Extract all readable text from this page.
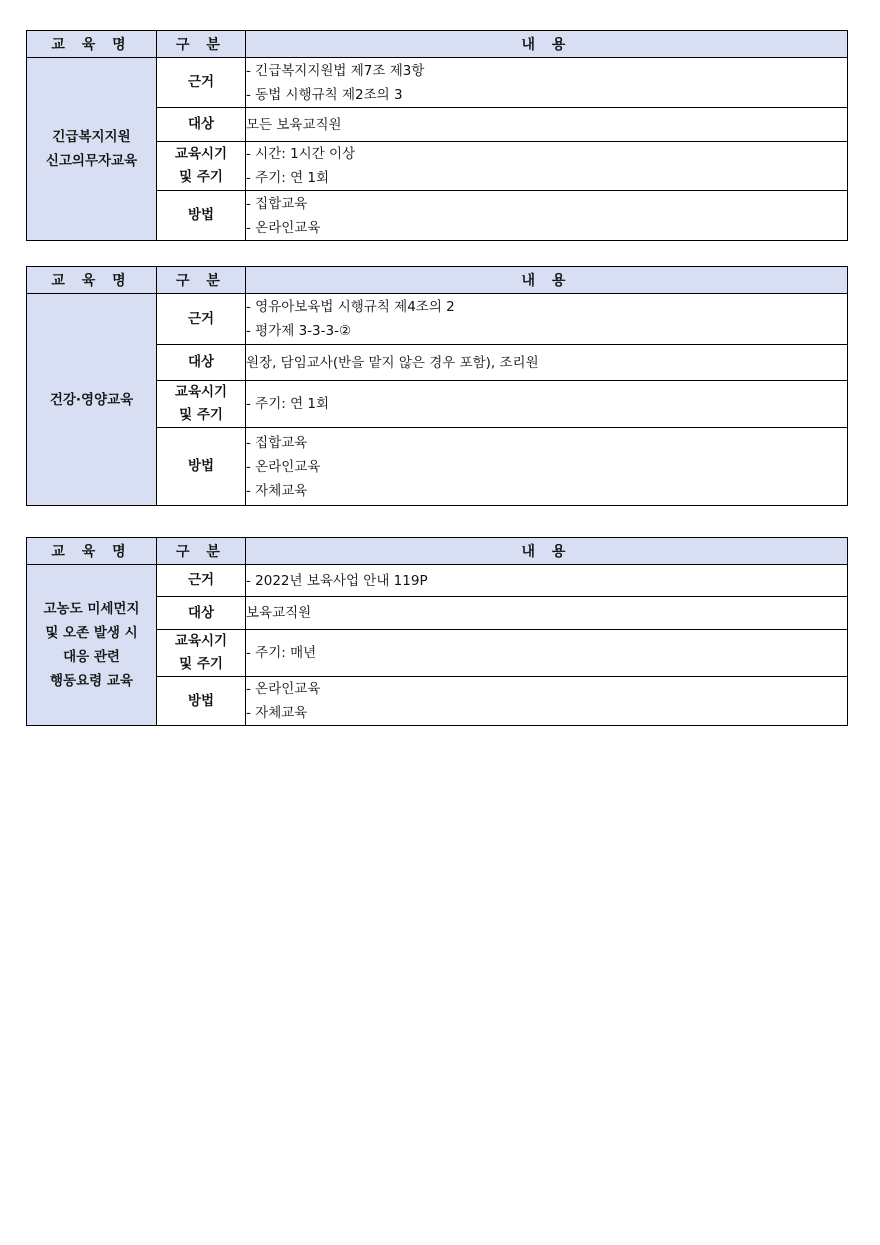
교 육 명	구 분	내 용

긴급복지지원
신고의무자교육	근거	- 긴급복지지원법 제7조 제3항
- 동법 시행규칙 제2조의 3

	대상	모든 보육교직원

	교육시기
및 주기	- 시간: 1시간 이상
- 주기: 연 1회

	방법	- 집합교육
- 온라인교육
교 육 명	구 분	내 용

건강·영양교육	근거	- 영유아보육법 시행규칙 제4조의 2
- 평가제 3-3-3-②

	대상	원장, 담임교사(반을 맡지 않은 경우 포함), 조리원

	교육시기
및 주기	- 주기: 연 1회

	방법	- 집합교육
- 온라인교육
- 자체교육
교 육 명	구 분	내 용

고농도 미세먼지
및 오존 발생 시
대응 관련
행동요령 교육	근거	- 2022년 보육사업 안내 119P

	대상	보육교직원

	교육시기
및 주기	- 주기: 매년

	방법	- 온라인교육
- 자체교육
